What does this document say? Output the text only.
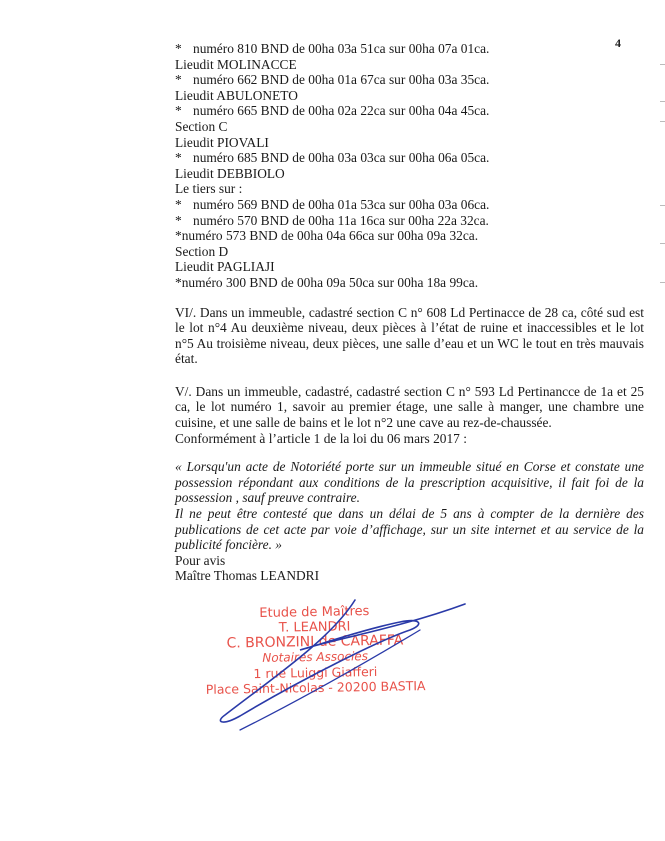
4
* numéro 810 BND de 00ha 03a 51ca sur 00ha 07a 01ca.
Lieudit MOLINACCE
* numéro 662 BND de 00ha 01a 67ca sur 00ha 03a 35ca.
Lieudit ABULONETO
* numéro 665 BND de 00ha 02a 22ca sur 00ha 04a 45ca.
Section C
Lieudit PIOVALI
* numéro 685 BND de 00ha 03a 03ca sur 00ha 06a 05ca.
Lieudit DEBBIOLO
Le tiers sur :
* numéro 569 BND de 00ha 01a 53ca sur 00ha 03a 06ca.
* numéro 570 BND de 00ha 11a 16ca sur 00ha 22a 32ca.
*numéro 573 BND de 00ha 04a 66ca sur 00ha 09a 32ca.
Section D
Lieudit PAGLIAJI
*numéro 300 BND de 00ha 09a 50ca sur 00ha 18a 99ca.
VI/. Dans un immeuble, cadastré section C n° 608 Ld Pertinacce de 28 ca, côté sud est le lot n°4 Au deuxième niveau, deux pièces à l’état de ruine et inaccessibles et le lot n°5 Au troisième niveau, deux pièces, une salle d’eau et un WC le tout en très mauvais état.
V/. Dans un immeuble, cadastré, cadastré section C n° 593 Ld Pertinancce de 1a et 25 ca, le lot numéro 1, savoir au premier étage, une salle à manger, une chambre une cuisine, et une salle de bains et le lot n°2 une cave au rez-de-chaussée.
Conformément à l’article 1 de la loi du 06 mars 2017 :
« Lorsqu'un acte de Notoriété porte sur un immeuble situé en Corse et constate une possession répondant aux conditions de la prescription acquisitive, il fait foi de la possession , sauf preuve contraire.
Il ne peut être contesté que dans un délai de 5 ans à compter de la dernière des publications de cet acte par voie d’affichage, sur un site internet et au service de la publicité foncière. »
Pour avis
Maître Thomas LEANDRI
Etude de Maîtres
T. LEANDRI
C. BRONZINI de CARAFFA
Notaires Associés
1 rue Luiggi Giafferi
Place Saint-Nicolas - 20200 BASTIA
